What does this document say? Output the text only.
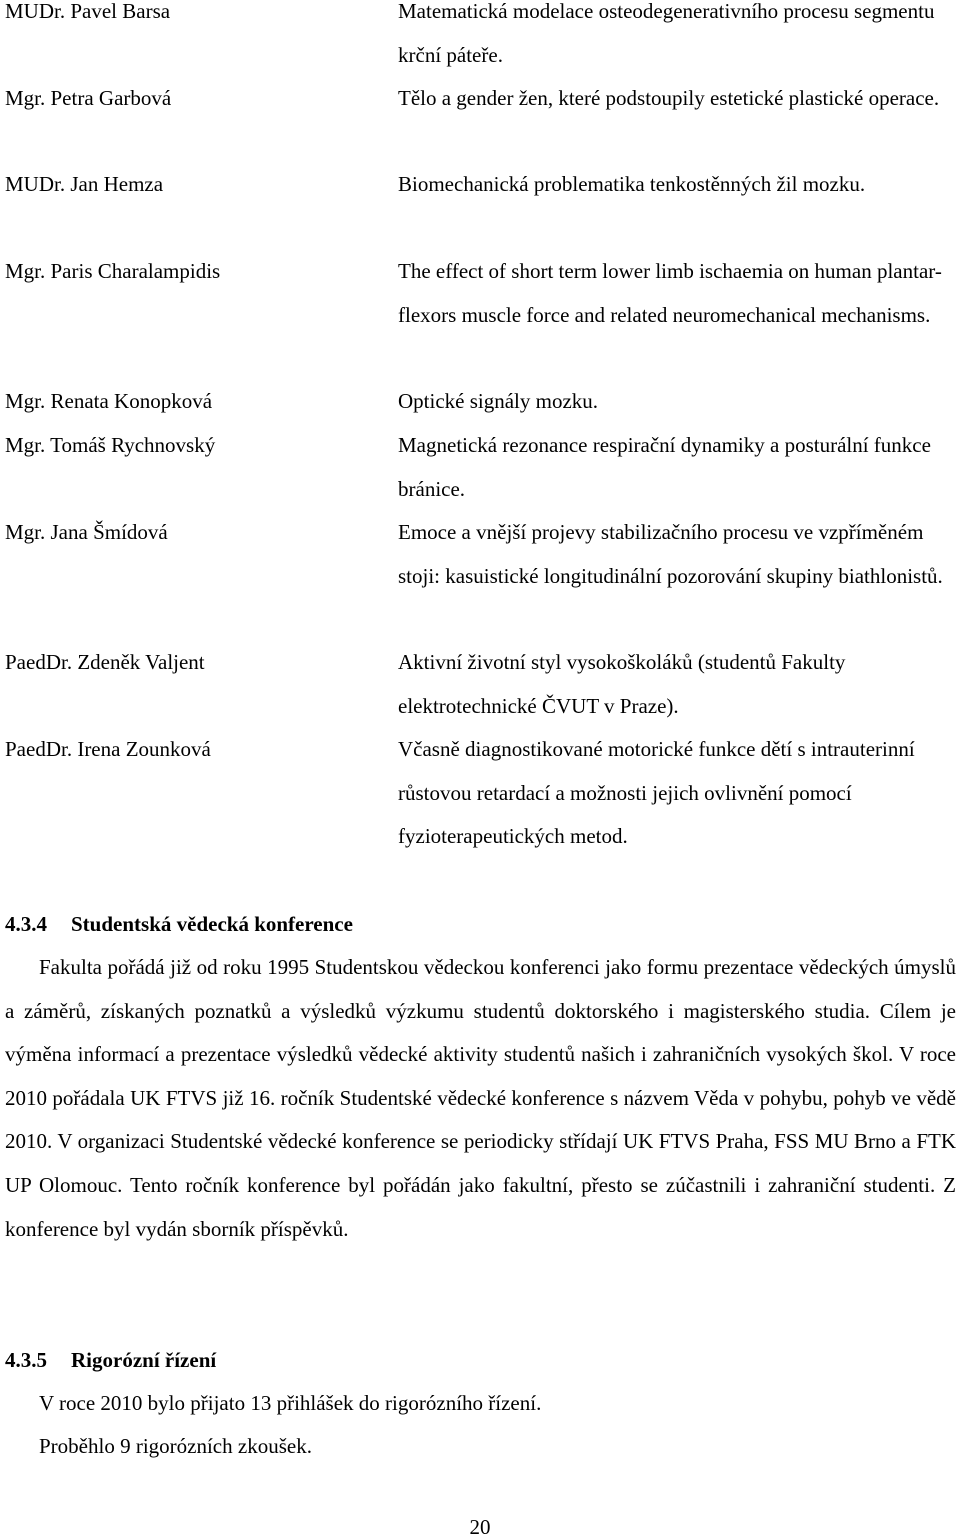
MUDr. Pavel Barsa	Matematická modelace osteodegenerativního procesu segmentu krční páteře.
Mgr. Petra Garbová	Tělo a gender žen, které podstoupily estetické plastické operace.
MUDr. Jan Hemza	Biomechanická problematika tenkostěnných žil mozku.
Mgr. Paris Charalampidis	The effect of short term lower limb ischaemia on human plantar-flexors muscle force and related neuromechanical mechanisms.
Mgr. Renata Konopková	Optické signály mozku.
Mgr. Tomáš Rychnovský	Magnetická rezonance respirační dynamiky a posturální funkce bránice.
Mgr. Jana Šmídová	Emoce a vnější projevy stabilizačního procesu ve vzpříměném stoji: kasuistické longitudinální pozorování skupiny biathlonistů.
PaedDr. Zdeněk Valjent	Aktivní životní styl vysokoškoláků (studentů Fakulty elektrotechnické ČVUT v Praze).
PaedDr. Irena Zounková	Včasně diagnostikované motorické funkce dětí s intrauterinní růstovou retardací a možnosti jejich ovlivnění pomocí fyzioterapeutických metod.
4.3.4 Studentská vědecká konference

Fakulta pořádá již od roku 1995 Studentskou vědeckou konferenci jako formu prezentace vědeckých úmyslů a záměrů, získaných poznatků a výsledků výzkumu studentů doktorského i magisterského studia. Cílem je výměna informací a prezentace výsledků vědecké aktivity studentů našich i zahraničních vysokých škol. V roce 2010 pořádala UK FTVS již 16. ročník Studentské vědecké konference s názvem Věda v pohybu, pohyb ve vědě 2010. V organizaci Studentské vědecké konference se periodicky střídají UK FTVS Praha, FSS MU Brno a FTK UP Olomouc. Tento ročník konference byl pořádán jako fakultní, přesto se zúčastnili i zahraniční studenti. Z konference byl vydán sborník příspěvků.

4.3.5 Rigorózní řízení
V roce 2010 bylo přijato 13 přihlášek do rigorózního řízení.
Proběhlo 9 rigorózních zkoušek.
20
